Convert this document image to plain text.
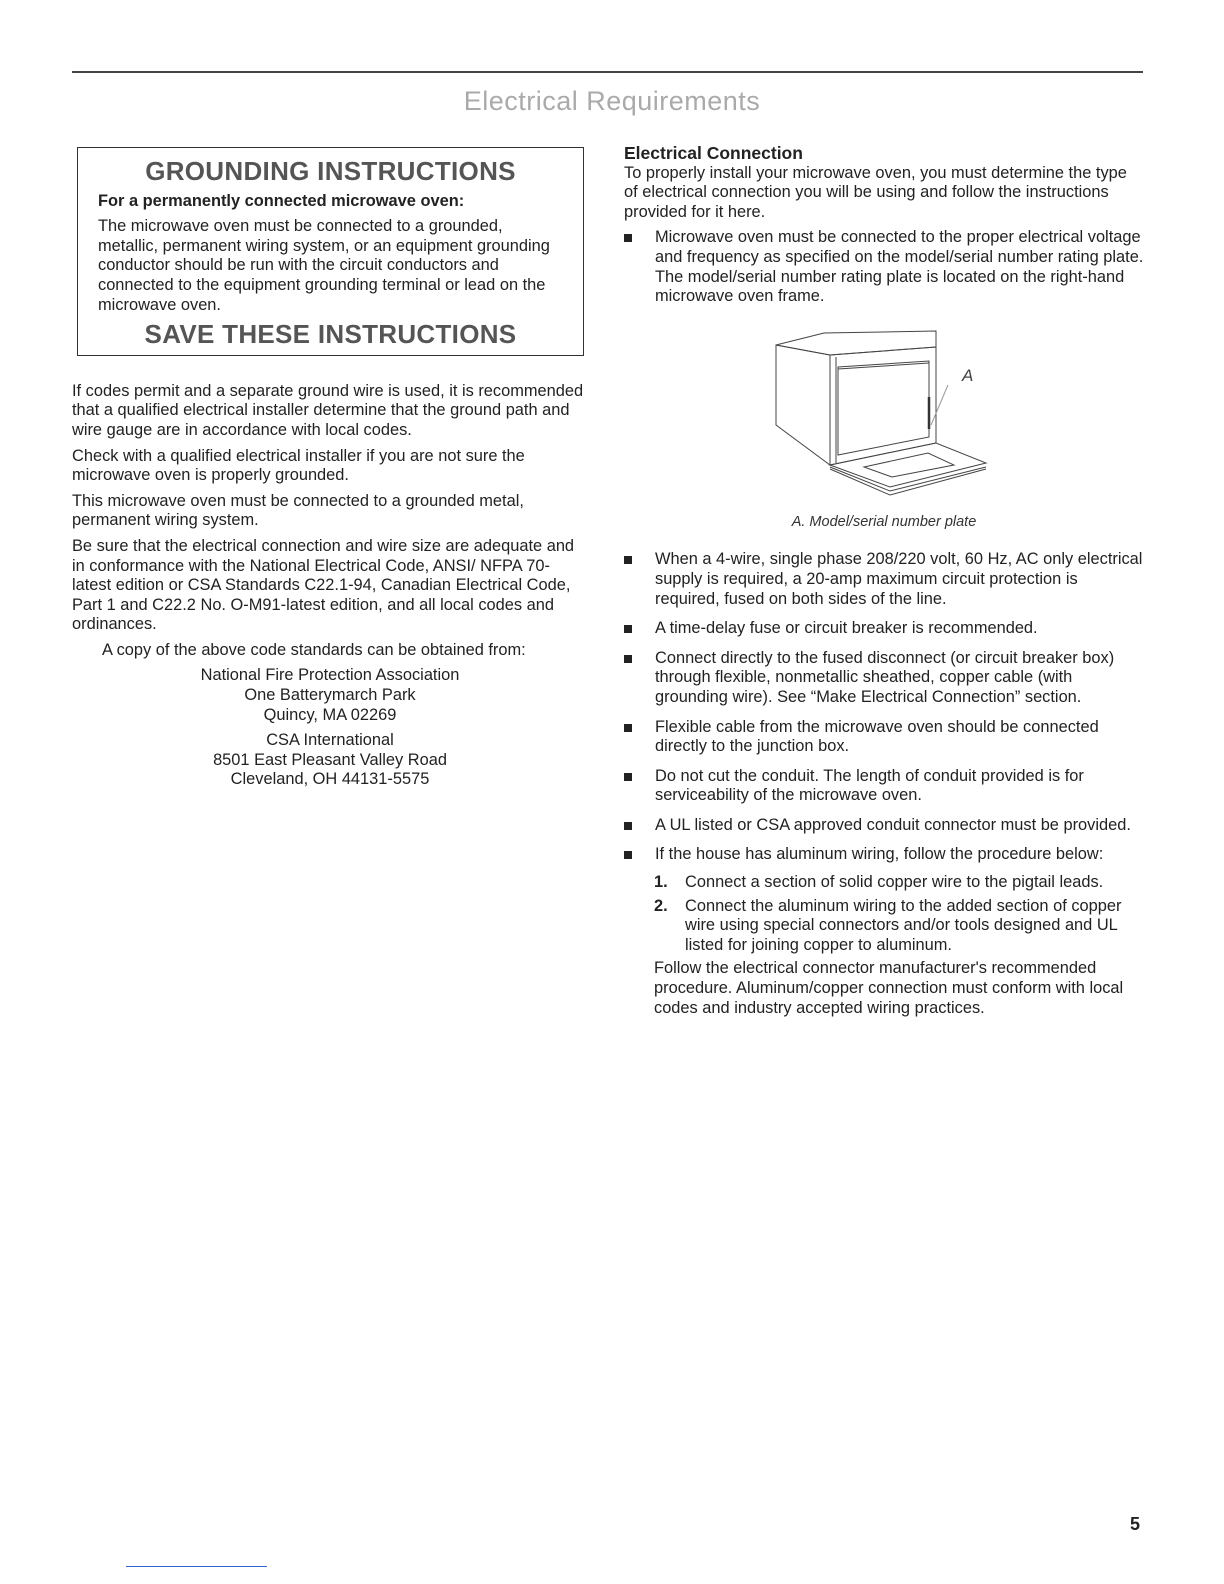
Electrical Requirements
GROUNDING INSTRUCTIONS
For a permanently connected microwave oven:

The microwave oven must be connected to a grounded, metallic, permanent wiring system, or an equipment grounding conductor should be run with the circuit conductors and connected to the equipment grounding terminal or lead on the microwave oven.

SAVE THESE INSTRUCTIONS

If codes permit and a separate ground wire is used, it is recommended that a qualified electrical installer determine that the ground path and wire gauge are in accordance with local codes.

Check with a qualified electrical installer if you are not sure the microwave oven is properly grounded.

This microwave oven must be connected to a grounded metal, permanent wiring system.

Be sure that the electrical connection and wire size are adequate and in conformance with the National Electrical Code, ANSI/ NFPA 70-latest edition or CSA Standards C22.1-94, Canadian Electrical Code, Part 1 and C22.2 No. O-M91-latest edition, and all local codes and ordinances.

A copy of the above code standards can be obtained from:

National Fire Protection Association
One Batterymarch Park
Quincy, MA 02269
CSA International
8501 East Pleasant Valley Road
Cleveland, OH 44131-5575
Electrical Connection

To properly install your microwave oven, you must determine the type of electrical connection you will be using and follow the instructions provided for it here.

Microwave oven must be connected to the proper electrical voltage and frequency as specified on the model/serial number rating plate. The model/serial number rating plate is located on the right-hand microwave oven frame.
A
A. Model/serial number plate
When a 4-wire, single phase 208/220 volt, 60 Hz, AC only electrical supply is required, a 20-amp maximum circuit protection is required, fused on both sides of the line.
A time-delay fuse or circuit breaker is recommended.
Connect directly to the fused disconnect (or circuit breaker box) through flexible, nonmetallic sheathed, copper cable (with grounding wire). See “Make Electrical Connection” section.
Flexible cable from the microwave oven should be connected directly to the junction box.
Do not cut the conduit. The length of conduit provided is for serviceability of the microwave oven.
A UL listed or CSA approved conduit connector must be provided.
If the house has aluminum wiring, follow the procedure below:
1. Connect a section of solid copper wire to the pigtail leads.
2. Connect the aluminum wiring to the added section of copper wire using special connectors and/or tools designed and UL listed for joining copper to aluminum.

Follow the electrical connector manufacturer's recommended procedure. Aluminum/copper connection must conform with local codes and industry accepted wiring practices.

5
